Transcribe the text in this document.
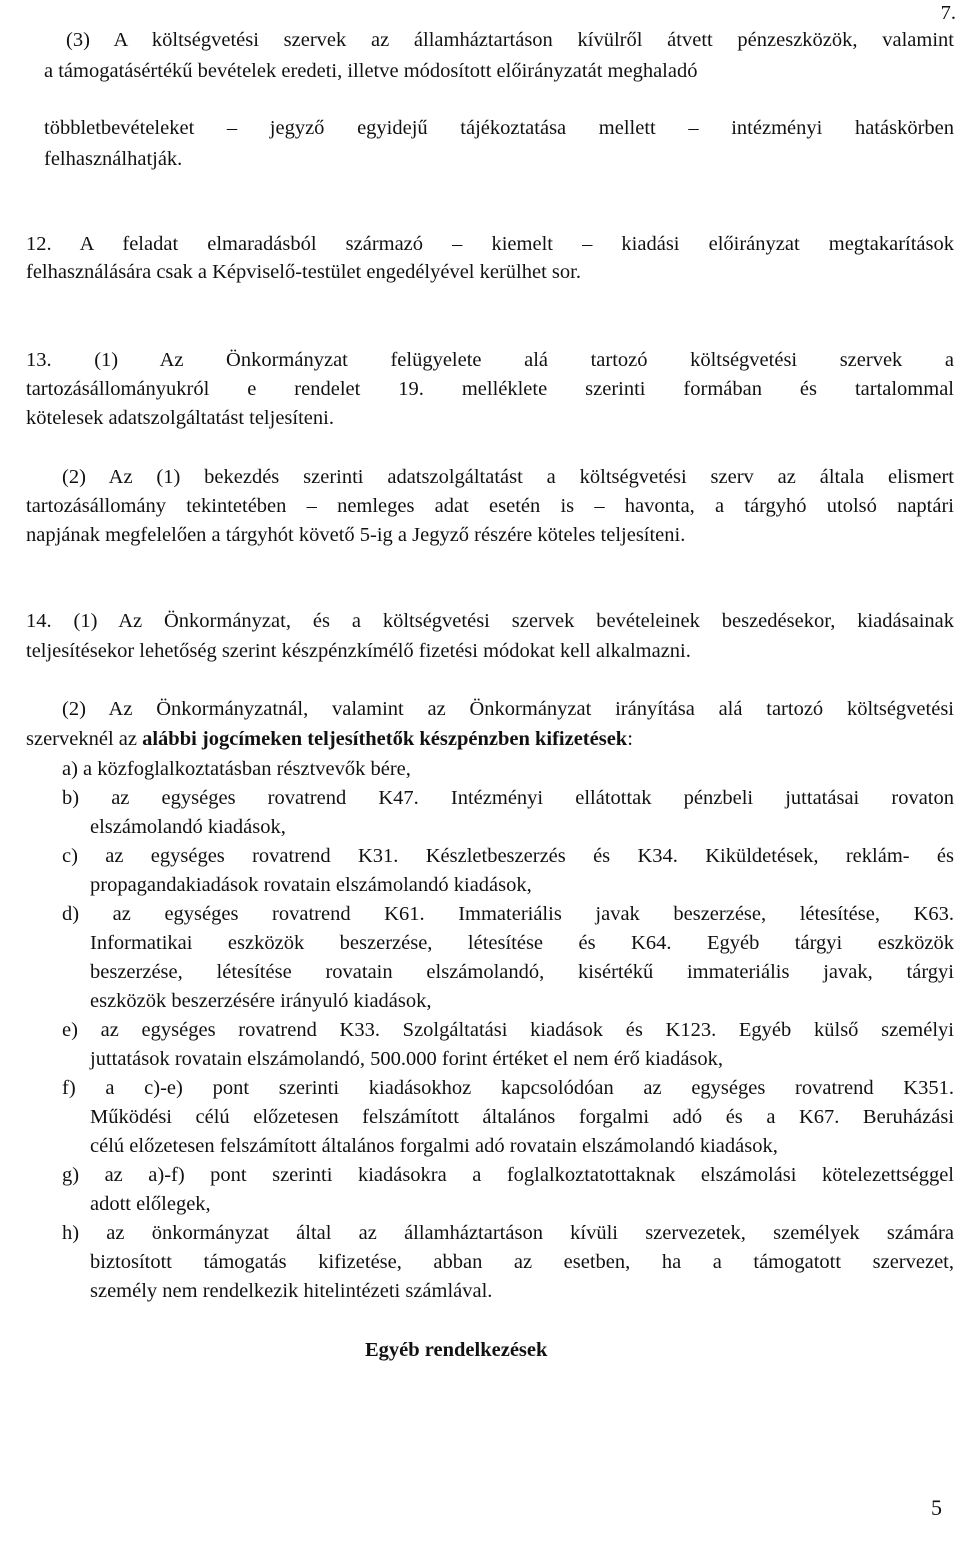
7.
5
(3) A költségvetési szervek az államháztartáson kívülről átvett pénzeszközök, valamint
a támogatásértékű bevételek eredeti, illetve módosított előirányzatát meghaladó
többletbevételeket – jegyző egyidejű tájékoztatása mellett – intézményi hatáskörben
felhasználhatják.
12. A feladat elmaradásból származó – kiemelt – kiadási előirányzat megtakarítások
felhasználására csak a Képviselő-testület engedélyével kerülhet sor.
13. (1) Az Önkormányzat felügyelete alá tartozó költségvetési szervek a
tartozásállományukról e rendelet 19. melléklete szerinti formában és tartalommal
kötelesek adatszolgáltatást teljesíteni.
(2) Az (1) bekezdés szerinti adatszolgáltatást a költségvetési szerv az általa elismert
tartozásállomány tekintetében – nemleges adat esetén is – havonta, a tárgyhó utolsó naptári
napjának megfelelően a tárgyhót követő 5-ig a Jegyző részére köteles teljesíteni.
14. (1) Az Önkormányzat, és a költségvetési szervek bevételeinek beszedésekor, kiadásainak
teljesítésekor lehetőség szerint készpénzkímélő fizetési módokat kell alkalmazni.
(2) Az Önkormányzatnál, valamint az Önkormányzat irányítása alá tartozó költségvetési
szerveknél az alábbi jogcímeken teljesíthetők készpénzben kifizetések:
a) a közfoglalkoztatásban résztvevők bére,
b) az egységes rovatrend K47. Intézményi ellátottak pénzbeli juttatásai rovaton
elszámolandó kiadások,
c) az egységes rovatrend K31. Készletbeszerzés és K34. Kiküldetések, reklám- és
propagandakiadások rovatain elszámolandó kiadások,
d) az egységes rovatrend K61. Immateriális javak beszerzése, létesítése, K63.
Informatikai eszközök beszerzése, létesítése és K64. Egyéb tárgyi eszközök
beszerzése, létesítése rovatain elszámolandó, kisértékű immateriális javak, tárgyi
eszközök beszerzésére irányuló kiadások,
e) az egységes rovatrend K33. Szolgáltatási kiadások és K123. Egyéb külső személyi
juttatások rovatain elszámolandó, 500.000 forint értéket el nem érő kiadások,
f) a c)-e) pont szerinti kiadásokhoz kapcsolódóan az egységes rovatrend K351.
Működési célú előzetesen felszámított általános forgalmi adó és a K67. Beruházási
célú előzetesen felszámított általános forgalmi adó rovatain elszámolandó kiadások,
g) az a)-f) pont szerinti kiadásokra a foglalkoztatottaknak elszámolási kötelezettséggel
adott előlegek,
h) az önkormányzat által az államháztartáson kívüli szervezetek, személyek számára
biztosított támogatás kifizetése, abban az esetben, ha a támogatott szervezet,
személy nem rendelkezik hitelintézeti számlával.
Egyéb rendelkezések
